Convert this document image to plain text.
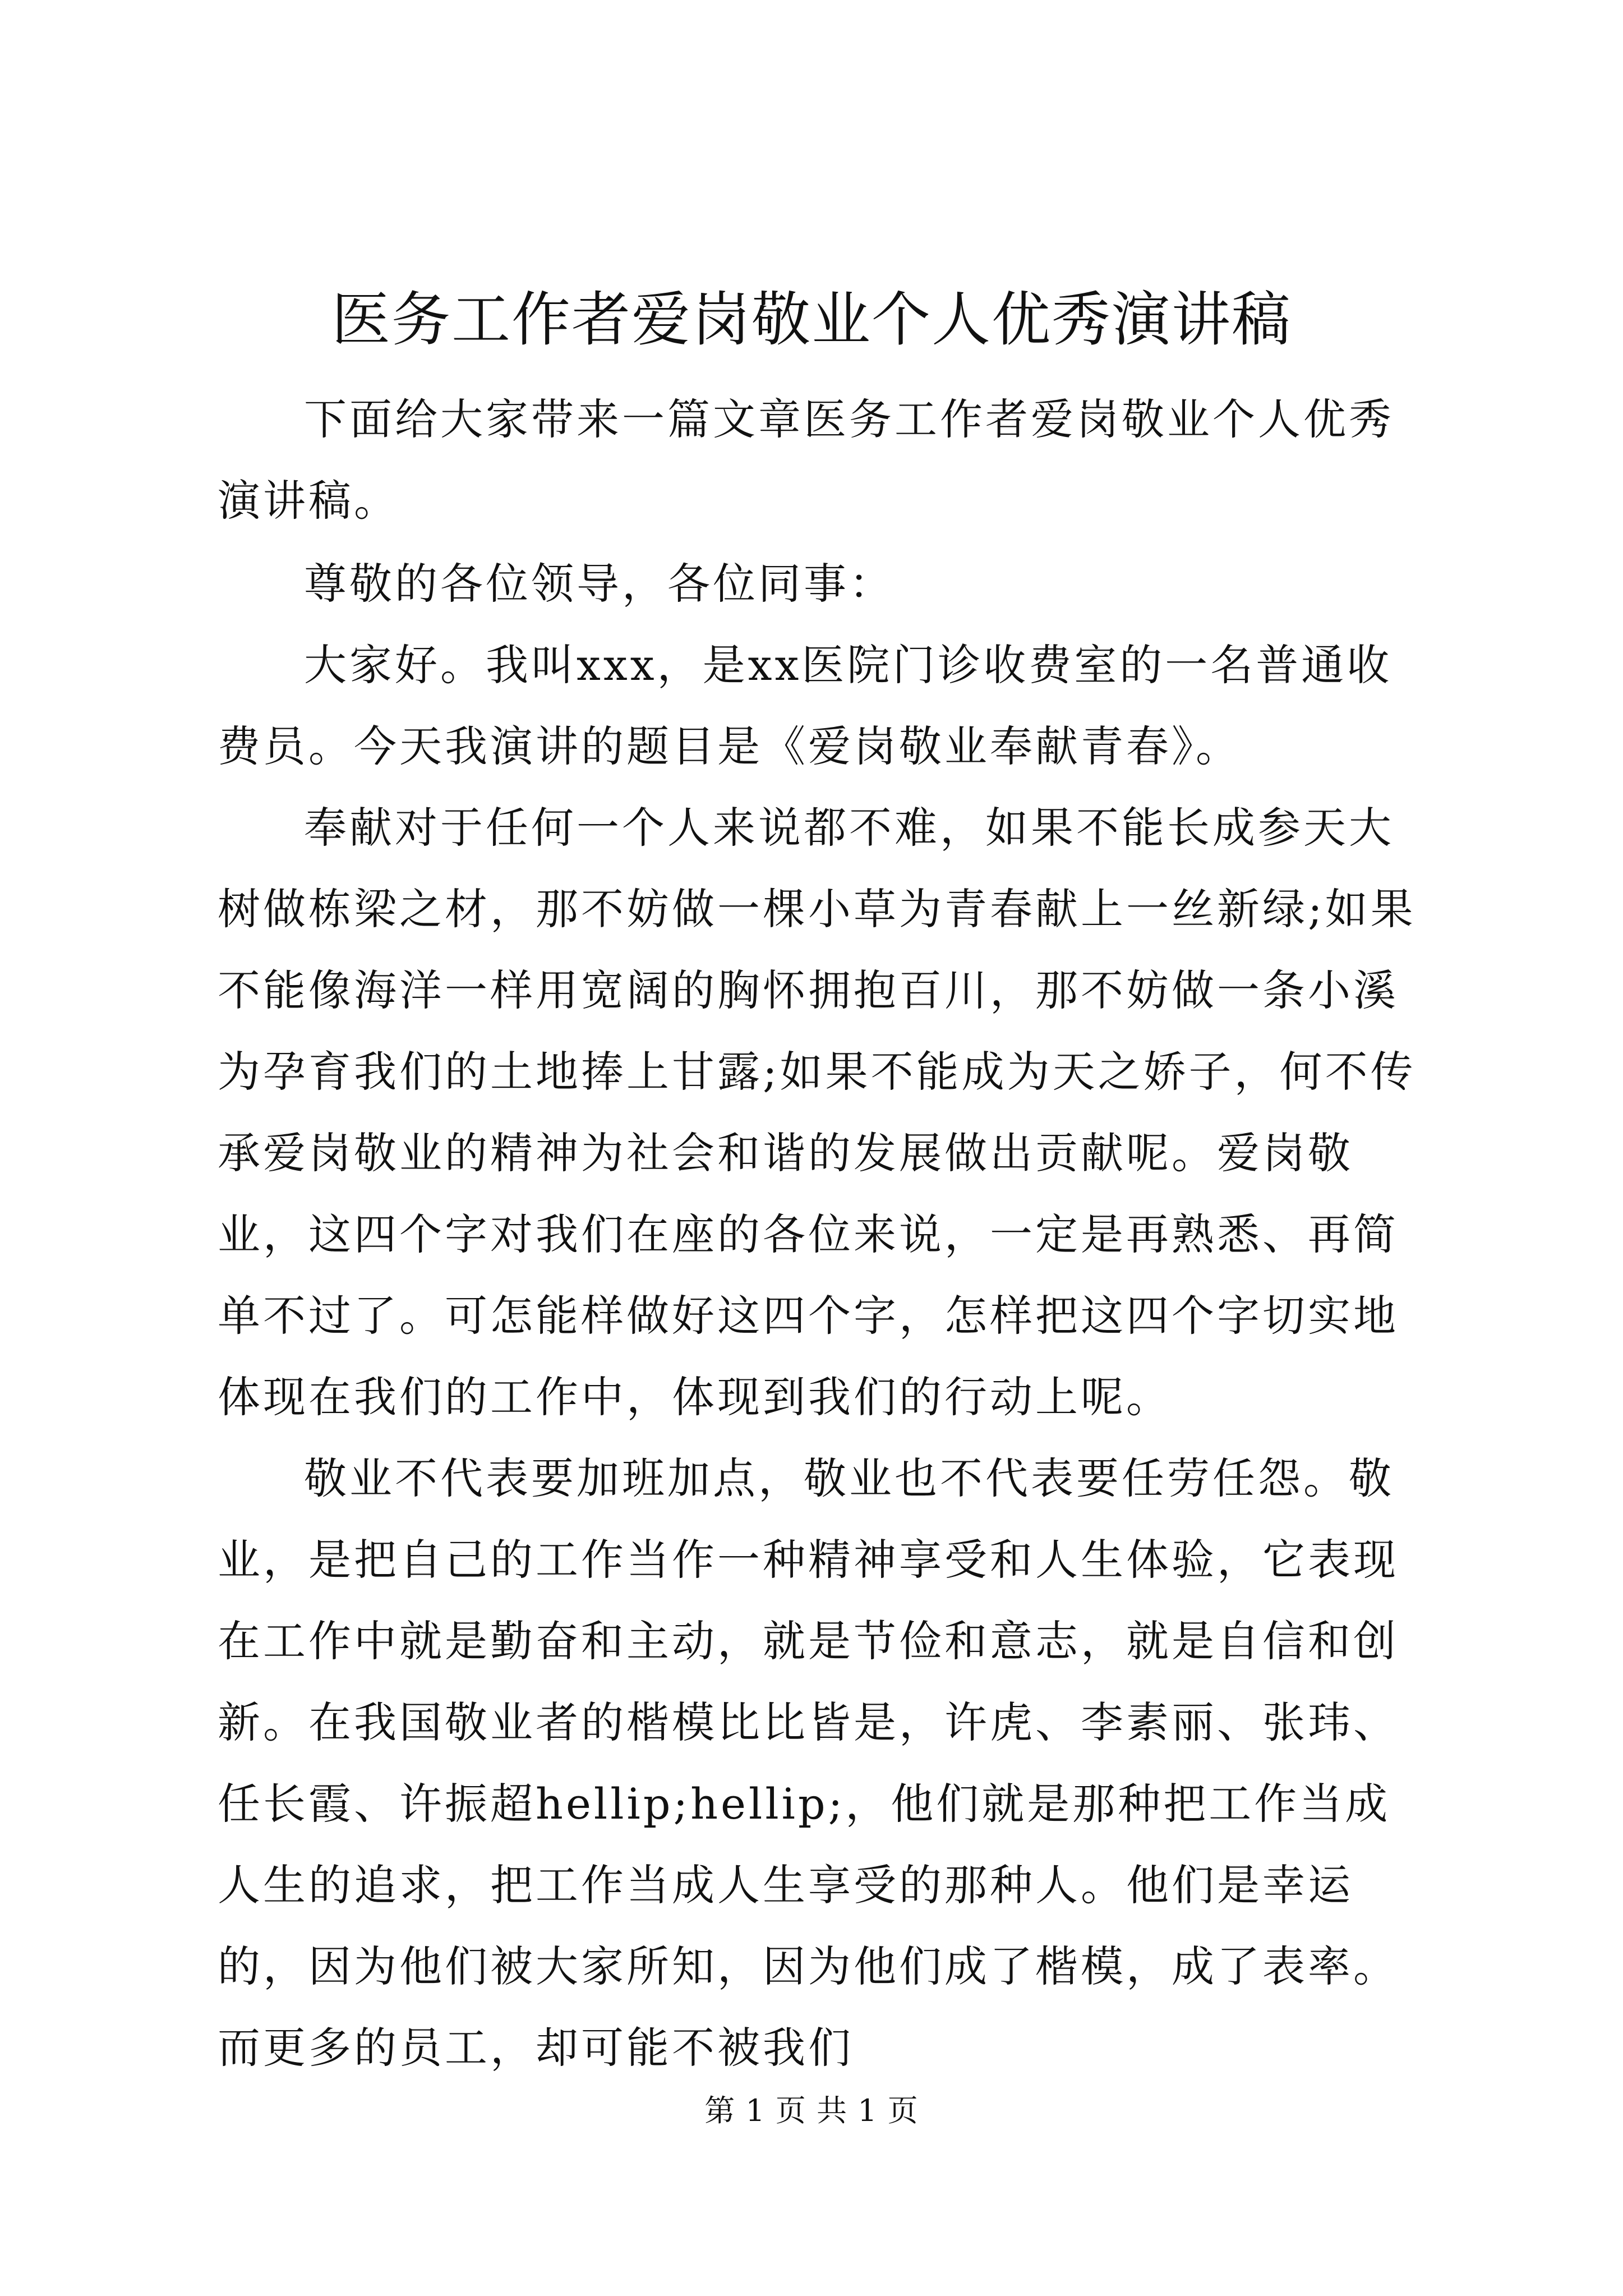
医务工作者爱岗敬业个人优秀演讲稿

下面给大家带来一篇文章医务工作者爱岗敬业个人优秀演讲稿。

尊敬的各位领导，各位同事：

大家好。我叫xxx，是xx医院门诊收费室的一名普通收费员。今天我演讲的题目是《爱岗敬业奉献青春》。

奉献对于任何一个人来说都不难，如果不能长成参天大树做栋梁之材，那不妨做一棵小草为青春献上一丝新绿;如果不能像海洋一样用宽阔的胸怀拥抱百川，那不妨做一条小溪为孕育我们的土地捧上甘露;如果不能成为天之娇子，何不传承爱岗敬业的精神为社会和谐的发展做出贡献呢。爱岗敬业，这四个字对我们在座的各位来说，一定是再熟悉、再简单不过了。可怎能样做好这四个字，怎样把这四个字切实地体现在我们的工作中，体现到我们的行动上呢。

敬业不代表要加班加点，敬业也不代表要任劳任怨。敬业，是把自己的工作当作一种精神享受和人生体验，它表现在工作中就是勤奋和主动，就是节俭和意志，就是自信和创新。在我国敬业者的楷模比比皆是，许虎、李素丽、张玮、任长霞、许振超hellip;hellip;，他们就是那种把工作当成人生的追求，把工作当成人生享受的那种人。他们是幸运的，因为他们被大家所知，因为他们成了楷模，成了表率。而更多的员工，却可能不被我们

第 1 页 共 1 页
